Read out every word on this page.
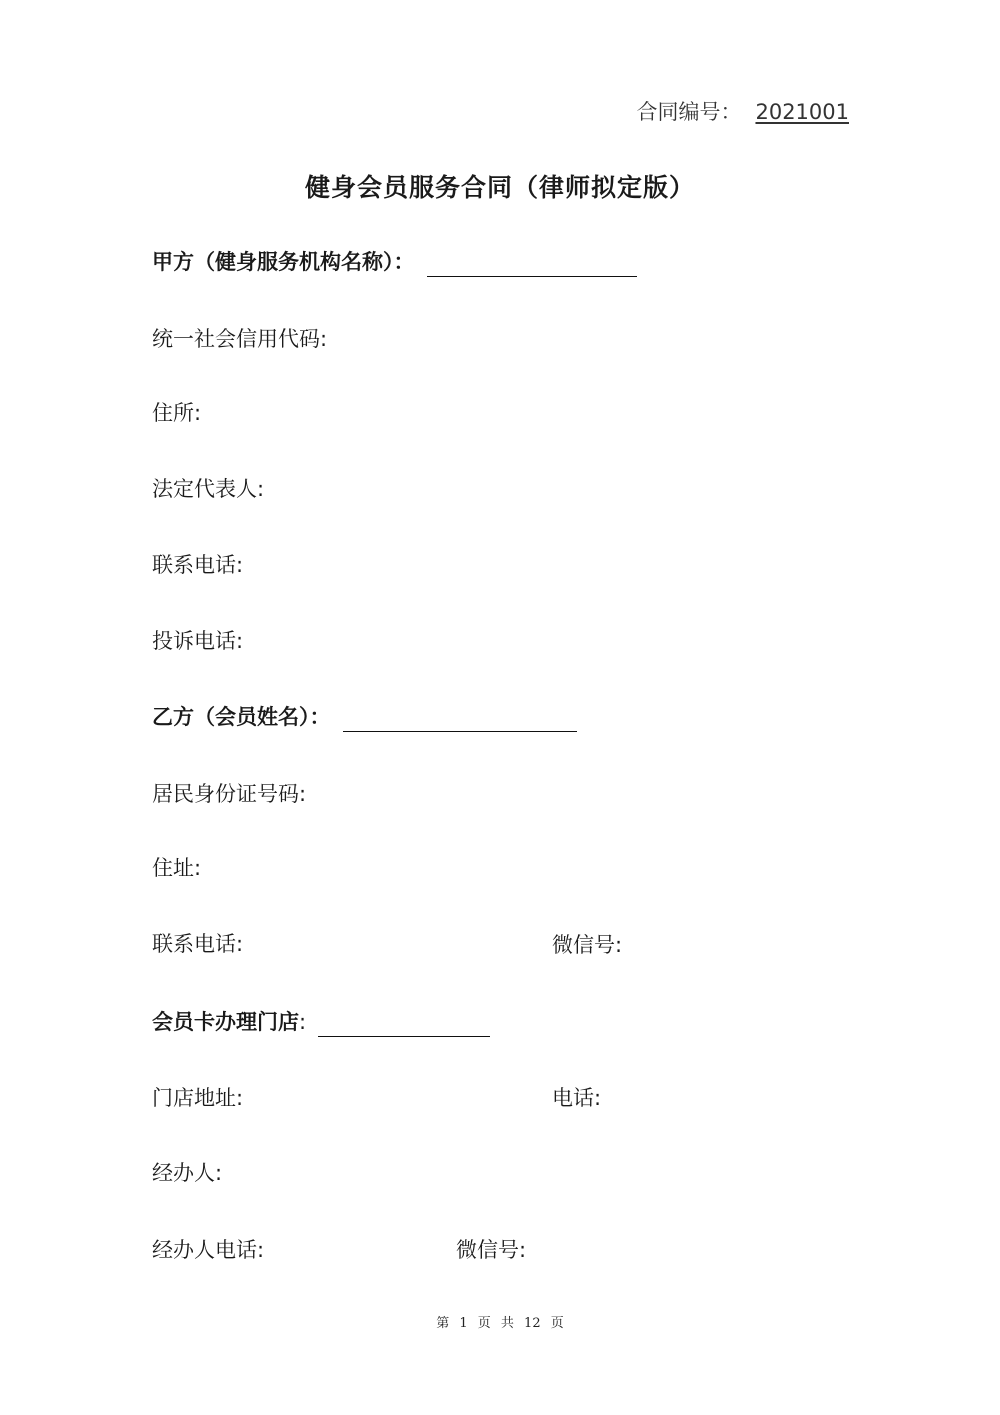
合同编号： 2021001
健身会员服务合同（律师拟定版）
甲方（健身服务机构名称）：
统一社会信用代码:
住所:
法定代表人:
联系电话:
投诉电话:
乙方（会员姓名）：
居民身份证号码:
住址:
联系电话:	微信号:
会员卡办理门店:
门店地址:	电话:
经办人:
经办人电话:	微信号:
第 1 页 共 12 页
